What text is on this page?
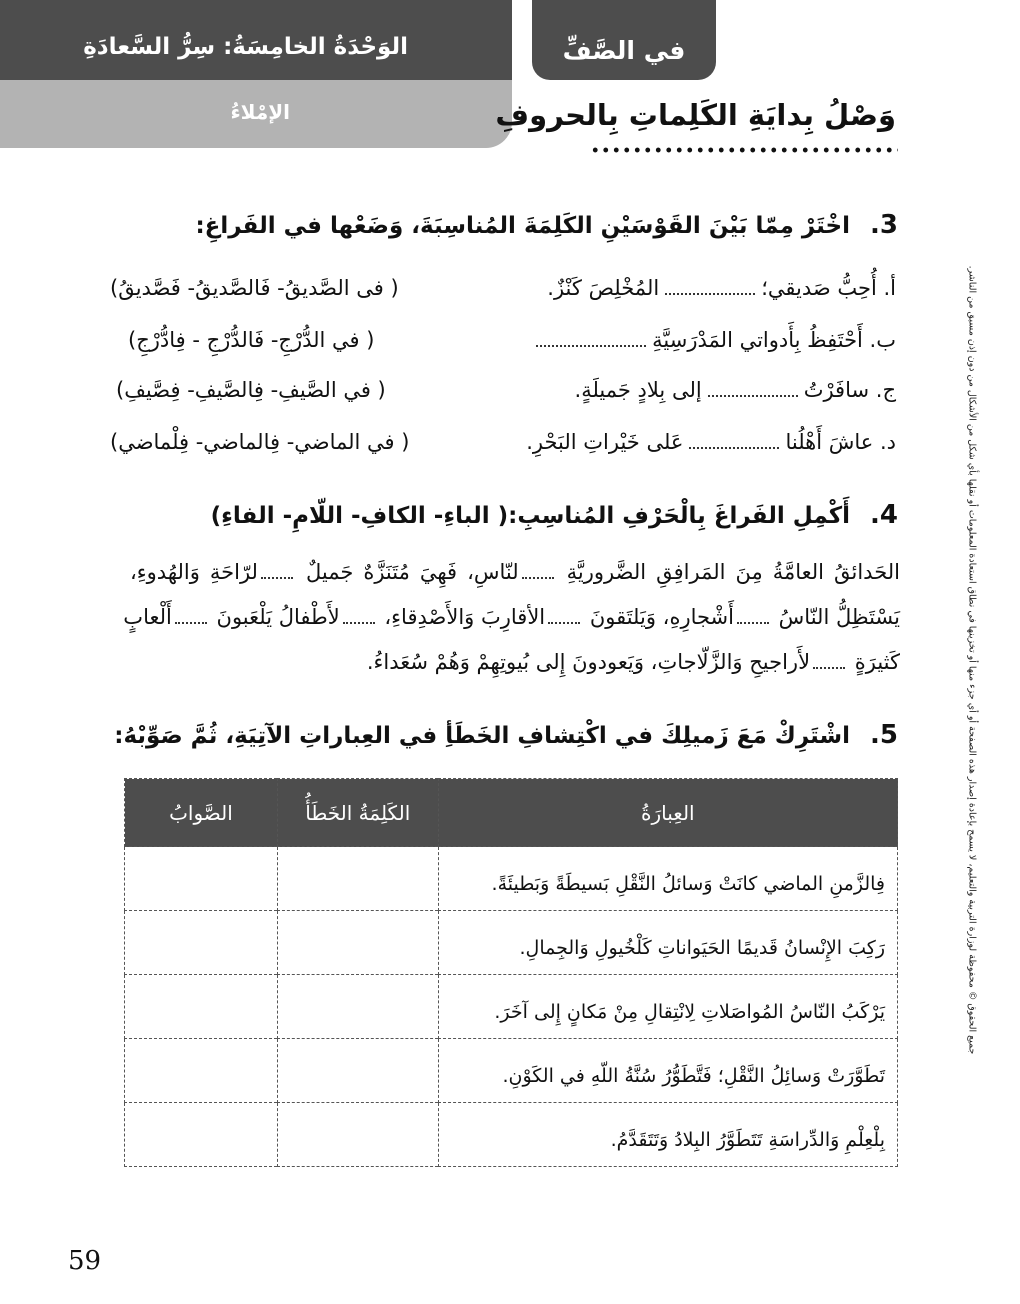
الوَحْدَةُ الخامِسَةُ: سِرُّ السَّعادَةِ
الإمْلاءُ
في الصَّفِّ
وَصْلُ بِدايَةِ الكَلِماتِ بِالحروفِ
3.اخْتَرْ مِمّا بَيْنَ القَوْسَيْنِ الكَلِمَةَ المُناسِبَةَ، وَضَعْها في الفَراغِ:
أ. أُحِبُّ صَديقي؛المُخْلِصَ كَنْزٌ.
( فى الصَّديقُ- فَالصَّديقُ- فَصَّديقُ)
ب. أَحْتَفِظُ بِأَدواتي المَدْرَسِيَّةِ
( في الدُّرْجِ- فَالدُّرْجِ - فِادُّرْجِ)
ج. سافَرْتُإلى بِلادٍ جَميلَةٍ.
( في الصَّيفِ- فِالصَّيفِ- فِصَّيفِ)
د. عاشَ أَهْلُناعَلى خَيْراتِ البَحْرِ.
( في الماضي- فِالماضي- فِلْماضي)
4.أَكْمِلِ الفَراغَ بِالْحَرْفِ المُناسِبِ:( الباءِ- الكافِ- اللّامِ- الفاءِ)
الحَدائقُ العامَّةُ مِنَ المَرافِقِ الضَّروريَّةِ لنّاسِ، فَهِيَ مُتَنَزَّهٌ جَميلٌ لرّاحَةِ وَالهُدوءِ،
يَسْتَظِلُّ النّاسُ أَشْجارِهِ، وَيَلتَقونَ الأقارِبَ وَالأَصْدِقاءِ، لأَطْفالُ يَلْعَبونَ أَلْعابٍ
كَثيرَةٍ لأَراجيحِ وَالزَّلّاجاتِ، وَيَعودونَ إِلى بُيوتِهِمْ وَهُمْ سُعَداءُ.
5.اشْتَرِكْ مَعَ زَميلِكَ في اكْتِشافِ الخَطَأِ في العِباراتِ الآتِيَةِ، ثُمَّ صَوِّبْهُ:
العِبارَةُ	الكَلِمَةُ الخَطَأُ	الصَّوابُ
فِالزَّمنِ الماضي كانَتْ وَسائلُ النَّقْلِ بَسيطَةً وَبَطيئَةً.		
رَكِبَ الإِنْسانُ قَديمًا الحَيَواناتِ كَلْخُيولِ وَالجِمالِ.		
يَرْكَبُ النّاسُ المُواصَلاتِ لِانْتِقالِ مِنْ مَكانٍ إِلى آخَرَ.		
تَطَوَّرَتْ وَسائِلُ النَّقْلِ؛ فَتَّطَوُّرُ سُنَّةُ اللّهِ في الكَوْنِ.		
بِلْعِلْمِ وَالدِّراسَةِ تَتَطَوَّرُ البِلادُ وَتَتَقَدَّمُ.		
جميع الحقوق © محفوظة لوزارة التربية والتعليم، لا يسمح بإعادة إصدار هذه الصفحة أو أي جزء منها أو تخزينها في نطاق استعادة المعلومات أو نقلها بأي شكل من الأشكال من دون إذن مسبق من الناشر.
59
